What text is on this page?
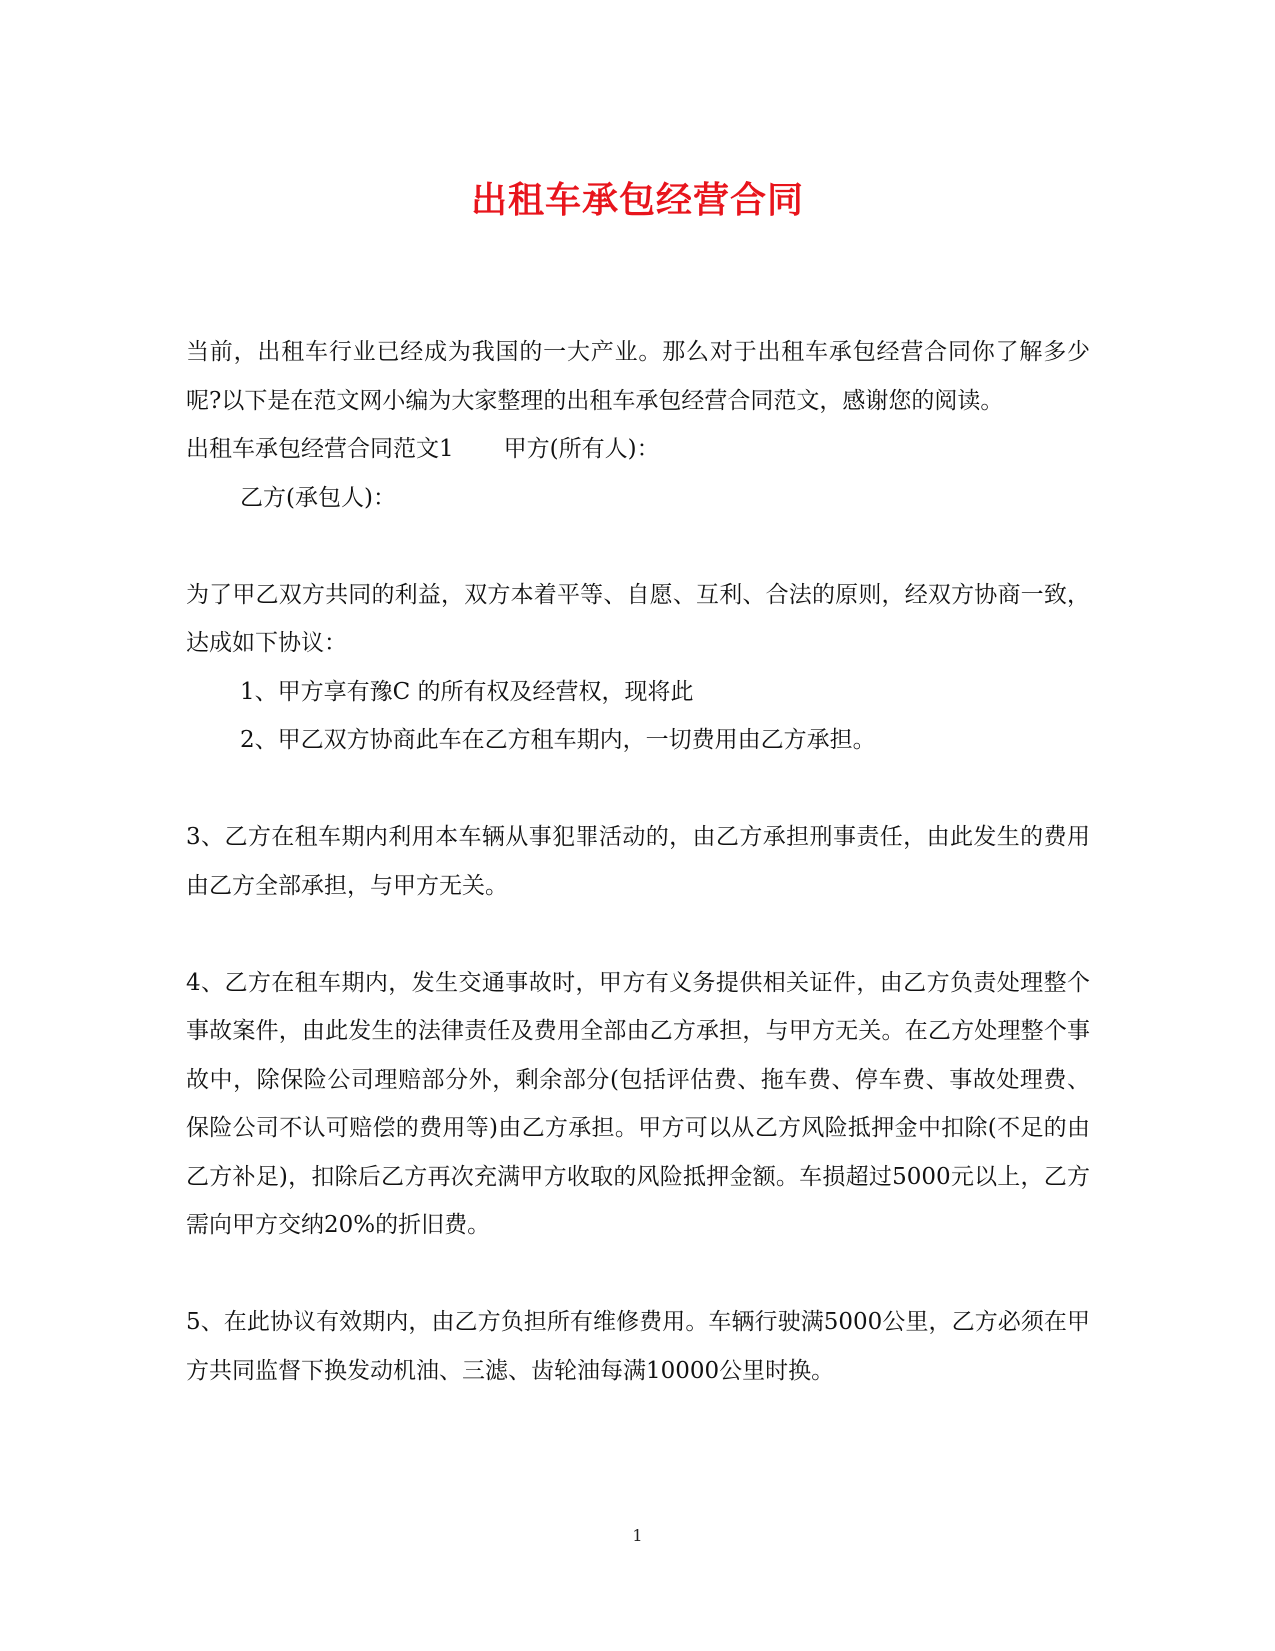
出租车承包经营合同

当前，出租车行业已经成为我国的一大产业。那么对于出租车承包经营合同你了解多少呢?以下是在范文网小编为大家整理的出租车承包经营合同范文，感谢您的阅读。

出租车承包经营合同范文1 甲方(所有人)：

乙方(承包人)：

为了甲乙双方共同的利益，双方本着平等、自愿、互利、合法的原则，经双方协商一致，达成如下协议：

1、甲方享有豫C 的所有权及经营权，现将此

2、甲乙双方协商此车在乙方租车期内，一切费用由乙方承担。

3、乙方在租车期内利用本车辆从事犯罪活动的，由乙方承担刑事责任，由此发生的费用由乙方全部承担，与甲方无关。

4、乙方在租车期内，发生交通事故时，甲方有义务提供相关证件，由乙方负责处理整个事故案件，由此发生的法律责任及费用全部由乙方承担，与甲方无关。在乙方处理整个事故中，除保险公司理赔部分外，剩余部分(包括评估费、拖车费、停车费、事故处理费、保险公司不认可赔偿的费用等)由乙方承担。甲方可以从乙方风险抵押金中扣除(不足的由乙方补足)，扣除后乙方再次充满甲方收取的风险抵押金额。车损超过5000元以上，乙方需向甲方交纳20%的折旧费。

5、在此协议有效期内，由乙方负担所有维修费用。车辆行驶满5000公里，乙方必须在甲方共同监督下换发动机油、三滤、齿轮油每满10000公里时换。

1
